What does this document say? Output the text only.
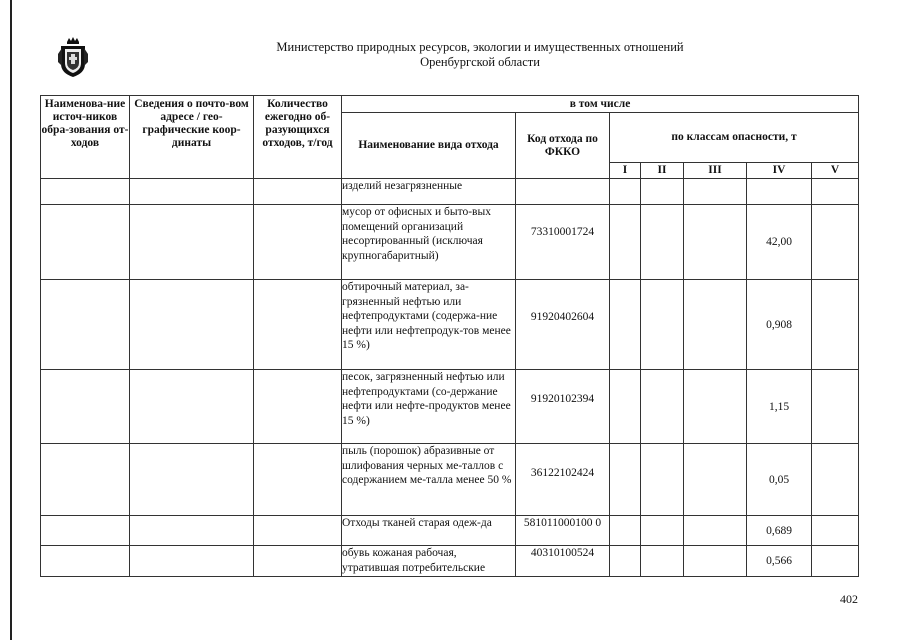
Министерство природных ресурсов, экологии и имущественных отношений
Оренбургской области
Наименова-ние источ-ников обра-зования от-ходов	Сведения о почто-вом адресе / гео-графические коор-динаты	Количество ежегодно об-разующихся отходов, т/год	в том числе						
			Наименование вида отхода	Код отхода по ФККО	по классам опасности, т				
					I	II	III	IV	V
			изделий незагрязненные						
			мусор от офисных и быто-вых помещений организаций несортированный (исключая крупногабаритный)	73310001724				42,00	
			обтирочный материал, за-грязненный нефтью или нефтепродуктами (содержа-ние нефти или нефтепродук-тов менее 15 %)	91920402604				0,908	
			песок, загрязненный нефтью или нефтепродуктами (со-держание нефти или нефте-продуктов менее 15 %)	91920102394				1,15	
			пыль (порошок) абразивные от шлифования черных ме-таллов с содержанием ме-талла менее 50 %	36122102424				0,05	
			Отходы тканей старая одеж-да	581011000100 0				0,689	
			обувь кожаная рабочая, утратившая потребительские	40310100524				0,566	
402
